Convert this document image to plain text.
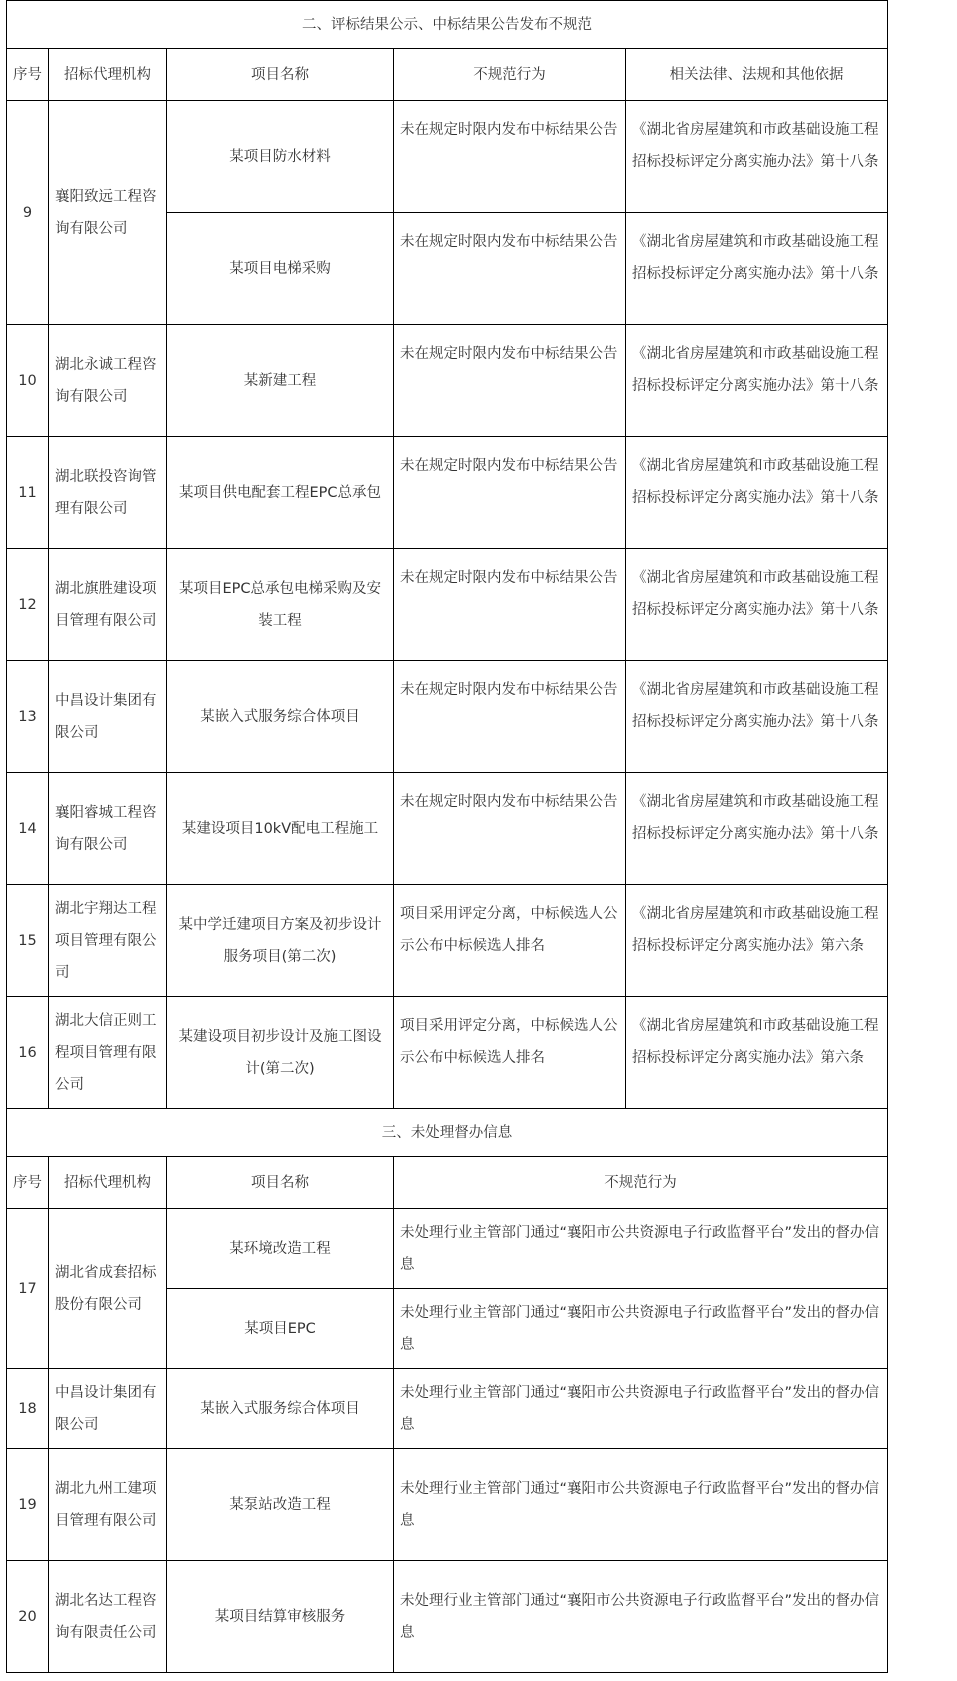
二、评标结果公示、中标结果公告发布不规范				
序号	招标代理机构	项目名称	不规范行为	相关法律、法规和其他依据
9	襄阳致远工程咨询有限公司	某项目防水材料	未在规定时限内发布中标结果公告	《湖北省房屋建筑和市政基础设施工程招标投标评定分离实施办法》第十八条
		某项目电梯采购	未在规定时限内发布中标结果公告	《湖北省房屋建筑和市政基础设施工程招标投标评定分离实施办法》第十八条
10	湖北永诚工程咨询有限公司	某新建工程	未在规定时限内发布中标结果公告	《湖北省房屋建筑和市政基础设施工程招标投标评定分离实施办法》第十八条
11	湖北联投咨询管理有限公司	某项目供电配套工程EPC总承包	未在规定时限内发布中标结果公告	《湖北省房屋建筑和市政基础设施工程招标投标评定分离实施办法》第十八条
12	湖北旗胜建设项目管理有限公司	某项目EPC总承包电梯采购及安装工程	未在规定时限内发布中标结果公告	《湖北省房屋建筑和市政基础设施工程招标投标评定分离实施办法》第十八条
13	中昌设计集团有限公司	某嵌入式服务综合体项目	未在规定时限内发布中标结果公告	《湖北省房屋建筑和市政基础设施工程招标投标评定分离实施办法》第十八条
14	襄阳睿城工程咨询有限公司	某建设项目10kV配电工程施工	未在规定时限内发布中标结果公告	《湖北省房屋建筑和市政基础设施工程招标投标评定分离实施办法》第十八条
15	湖北宇翔达工程项目管理有限公司	某中学迁建项目方案及初步设计服务项目(第二次)	项目采用评定分离，中标候选人公示公布中标候选人排名	《湖北省房屋建筑和市政基础设施工程招标投标评定分离实施办法》第六条
16	湖北大信正则工程项目管理有限公司	某建设项目初步设计及施工图设计(第二次)	项目采用评定分离，中标候选人公示公布中标候选人排名	《湖北省房屋建筑和市政基础设施工程招标投标评定分离实施办法》第六条
三、未处理督办信息				
序号	招标代理机构	项目名称	不规范行为	
17	湖北省成套招标股份有限公司	某环境改造工程	未处理行业主管部门通过“襄阳市公共资源电子行政监督平台”发出的督办信息	
		某项目EPC	未处理行业主管部门通过“襄阳市公共资源电子行政监督平台”发出的督办信息	
18	中昌设计集团有限公司	某嵌入式服务综合体项目	未处理行业主管部门通过“襄阳市公共资源电子行政监督平台”发出的督办信息	
19	湖北九州工建项目管理有限公司	某泵站改造工程	未处理行业主管部门通过“襄阳市公共资源电子行政监督平台”发出的督办信息	
20	湖北名达工程咨询有限责任公司	某项目结算审核服务	未处理行业主管部门通过“襄阳市公共资源电子行政监督平台”发出的督办信息	
